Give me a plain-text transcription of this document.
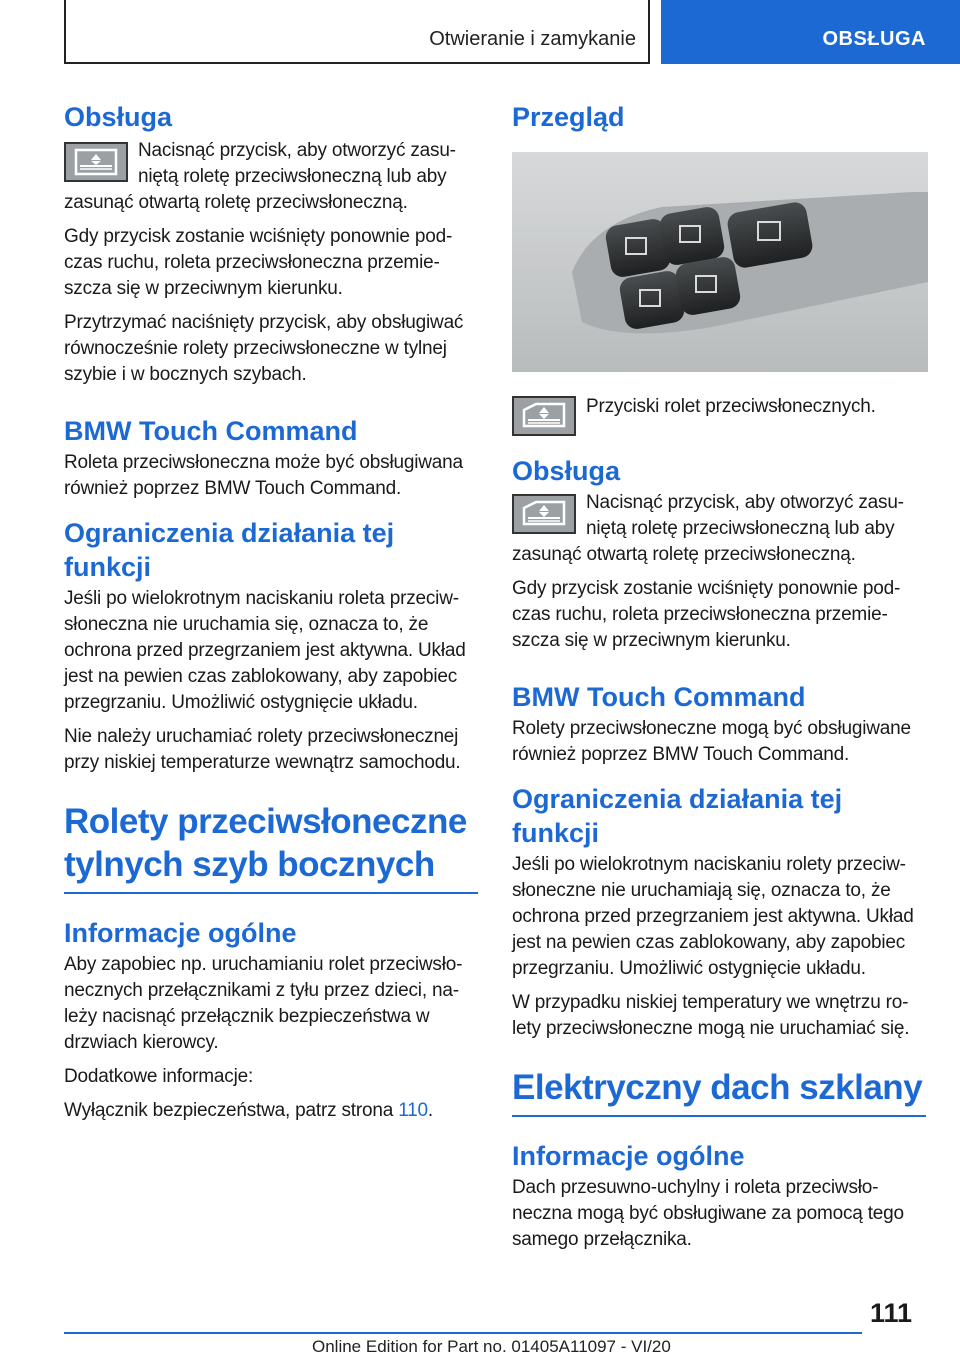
Otwieranie i zamykanie	OBSŁUGA
Obsługa

Nacisnąć przycisk, aby otworzyć zasu-niętą roletę przeciwsłoneczną lub aby zasunąć otwartą roletę przeciwsłoneczną.

Gdy przycisk zostanie wciśnięty ponownie pod-czas ruchu, roleta przeciwsłoneczna przemie-szcza się w przeciwnym kierunku.

Przytrzymać naciśnięty przycisk, aby obsługiwać równocześnie rolety przeciwsłoneczne w tylnej szybie i w bocznych szybach.

BMW Touch Command

Roleta przeciwsłoneczna może być obsługiwana również poprzez BMW Touch Command.

Ograniczenia działania tej funkcji

Jeśli po wielokrotnym naciskaniu roleta przeciw-słoneczna nie uruchamia się, oznacza to, że ochrona przed przegrzaniem jest aktywna. Układ jest na pewien czas zablokowany, aby zapobiec przegrzaniu. Umożliwić ostygnięcie układu.

Nie należy uruchamiać rolety przeciwsłonecznej przy niskiej temperaturze wewnątrz samochodu.

Rolety przeciwsłoneczne tylnych szyb bocznych
Informacje ogólne

Aby zapobiec np. uruchamianiu rolet przeciwsło-necznych przełącznikami z tyłu przez dzieci, na-leży nacisnąć przełącznik bezpieczeństwa w drzwiach kierowcy.

Dodatkowe informacje:

Wyłącznik bezpieczeństwa, patrz strona 110.

Przegląd

Przyciski rolet przeciwsłonecznych.

Obsługa

Nacisnąć przycisk, aby otworzyć zasu-niętą roletę przeciwsłoneczną lub aby zasunąć otwartą roletę przeciwsłoneczną.

Gdy przycisk zostanie wciśnięty ponownie pod-czas ruchu, roleta przeciwsłoneczna przemie-szcza się w przeciwnym kierunku.

BMW Touch Command

Rolety przeciwsłoneczne mogą być obsługiwane również poprzez BMW Touch Command.

Ograniczenia działania tej funkcji

Jeśli po wielokrotnym naciskaniu rolety przeciw-słoneczne nie uruchamiają się, oznacza to, że ochrona przed przegrzaniem jest aktywna. Układ jest na pewien czas zablokowany, aby zapobiec przegrzaniu. Umożliwić ostygnięcie układu.

W przypadku niskiej temperatury we wnętrzu ro-lety przeciwsłoneczne mogą nie uruchamiać się.

Elektryczny dach szklany
Informacje ogólne

Dach przesuwno-uchylny i roleta przeciwsło-neczna mogą być obsługiwane za pomocą tego samego przełącznika.

111
Online Edition for Part no. 01405A11097 - VI/20
